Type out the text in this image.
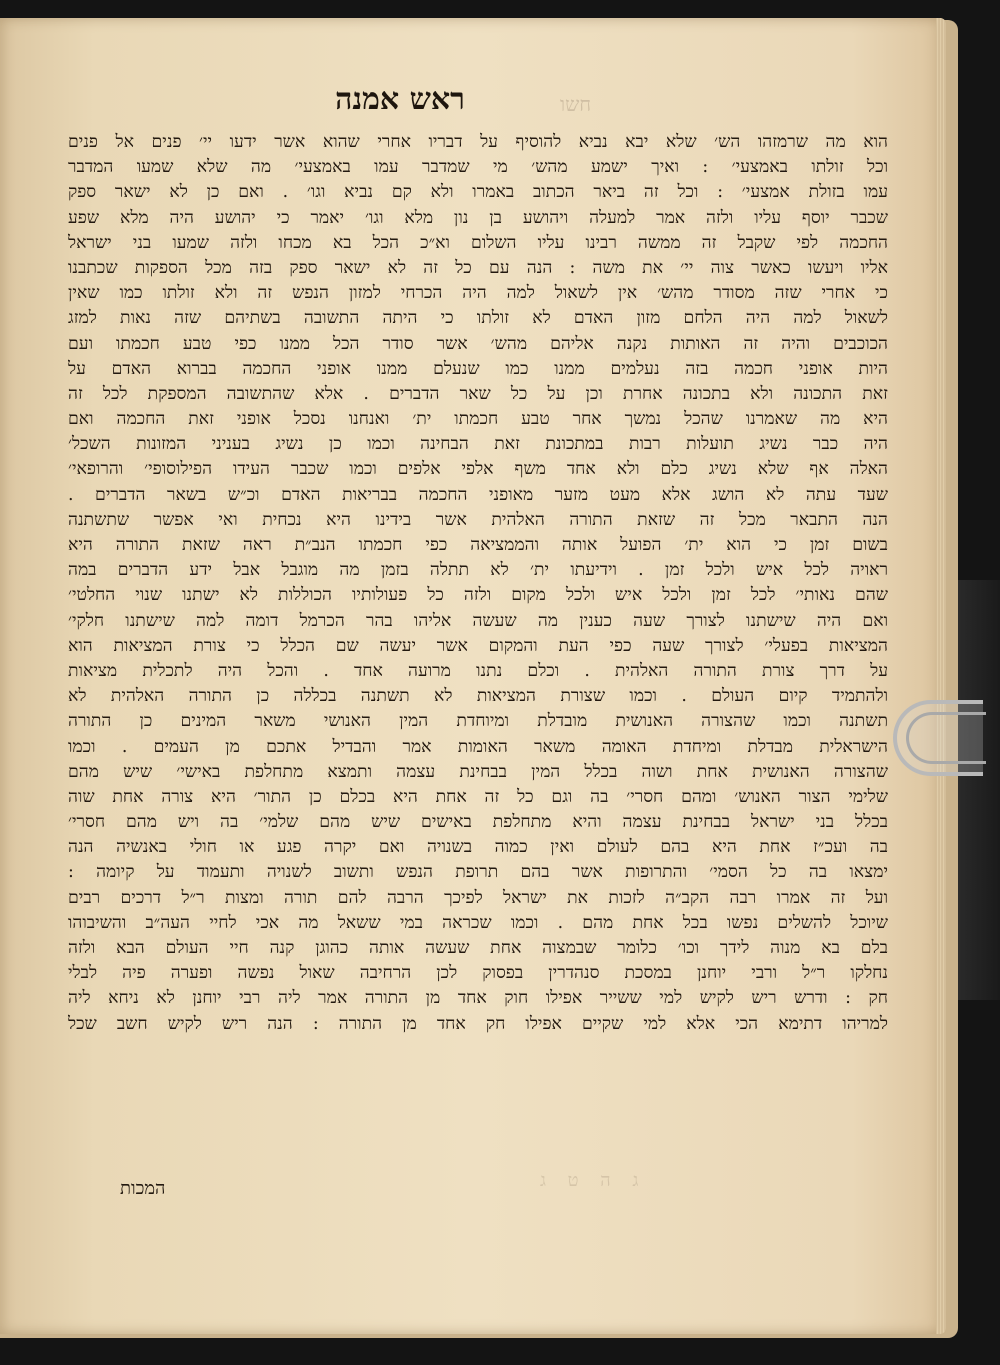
חשו
ראש אמנה
הוא מה שרמזהו הש׳ שלא יבא נביא להוסיף על דבריו אחרי שהוא אשר ידעו יי׳ פנים אל פנים
וכל זולתו באמצעי׳ : ואיך ישמע מהש׳ מי שמדבר עמו באמצעי׳ מה שלא שמעו המדבר
עמו בזולת אמצעי׳ : וכל זה ביאר הכתוב באמרו ולא קם נביא וגו׳ . ואם כן לא ישאר ספק
שכבר יוסף עליו ולזה אמר למעלה ויהושע בן נון מלא וגו׳ יאמר כי יהושע היה מלא שפע
החכמה לפי שקבל זה ממשה רבינו עליו השלום וא״כ הכל בא מכחו ולזה שמעו בני ישראל
אליו ויעשו כאשר צוה יי׳ את משה : הנה עם כל זה לא ישאר ספק בזה מכל הספקות שכתבנו
כי אחרי שזה מסודר מהש׳ אין לשאול למה היה הכרחי למזון הנפש זה ולא זולתו כמו שאין
לשאול למה היה הלחם מזון האדם לא זולתו כי היתה התשובה בשתיהם שזה נאות למזג
הכוכבים והיה זה האותות נקנה אליהם מהש׳ אשר סודר הכל ממנו כפי טבע חכמתו ועם
היות אופני חכמה בזה נעלמים ממנו כמו שנעלם ממנו אופני החכמה בברוא האדם על
זאת התכונה ולא בתכונה אחרת וכן על כל שאר הדברים . אלא שהתשובה המספקת לכל זה
היא מה שאמרנו שהכל נמשך אחר טבע חכמתו ית׳ ואנחנו נסכל אופני זאת החכמה ואם
היה כבר נשיג תועלות רבות במתכונת זאת הבחינה וכמו כן נשיג בעניני המזונות השכל׳
האלה אף שלא נשיג כלם ולא אחד משף אלפי אלפים וכמו שכבר העידו הפילוסופי׳ והרופאי׳
שעד עתה לא הושג אלא מעט מזער מאופני החכמה בבריאות האדם וכ״ש בשאר הדברים .
הנה התבאר מכל זה שזאת התורה האלהית אשר בידינו היא נכחית ואי אפשר שתשתנה
בשום זמן כי הוא ית׳ הפועל אותה והממציאה כפי חכמתו הנב״ת ראה שזאת התורה היא
ראויה לכל איש ולכל זמן . וידיעתו ית׳ לא תתלה בזמן מה מוגבל אבל ידע הדברים במה
שהם נאותי׳ לכל זמן ולכל איש ולכל מקום ולזה כל פעולותיו הכוללות לא ישתנו שנוי החלטי׳
ואם היה שישתנו לצורך שעה כענין מה שעשה אליהו בהר הכרמל דומה למה שישתנו חלקי׳
המציאות בפעלי׳ לצורך שעה כפי העת והמקום אשר יעשה שם הכלל כי צורת המציאות הוא
על דרך צורת התורה האלהית . וכלם נתנו מרועה אחד . והכל היה לתכלית מציאות
ולהתמיד קיום העולם . וכמו שצורת המציאות לא תשתנה בכללה כן התורה האלהית לא
תשתנה וכמו שהצורה האנושית מובדלת ומיוחדת המין האנושי משאר המינים כן התורה
הישראלית מבדלת ומיחדת האומה משאר האומות אמר והבדיל אתכם מן העמים . וכמו
שהצורה האנושית אחת ושוה בכלל המין בבחינת עצמה ותמצא מתחלפת באישי׳ שיש מהם
שלימי הצור האנוש׳ ומהם חסרי׳ בה וגם כל זה אחת היא בכלם כן התור׳ היא צורה אחת שוה
בכלל בני ישראל בבחינת עצמה והיא מתחלפת באישים שיש מהם שלמי׳ בה ויש מהם חסרי׳
בה ועכ״ז אחת היא בהם לעולם ואין כמוה בשנויה ואם יקרה פגע או חולי באנשיה הנה
ימצאו בה כל הסמי׳ והתרופות אשר בהם תרופת הנפש ותשוב לשנויה ותעמוד על קיומה :
ועל זה אמרו רבה הקב״ה לזכות את ישראל לפיכך הרבה להם תורה ומצות ר״ל דרכים רבים
שיוכל להשלים נפשו בכל אחת מהם . וכמו שכראה במי ששאל מה אכי לחיי העה״ב והשיבוהו
בלם בא מנוה לידך וכו׳ כלומר שבמצוה אחת שעשה אותה כהוגן קנה חיי העולם הבא ולזה
נחלקו ר״ל ורבי יוחנן במסכת סנהדרין בפסוק לכן הרחיבה שאול נפשה ופערה פיה לבלי
חק : ודרש ריש לקיש למי ששייר אפילו חוק אחד מן התורה אמר ליה רבי יוחנן לא ניחא ליה
למריהו דתימא הכי אלא למי שקיים אפילו חק אחד מן התורה : הנה ריש לקיש חשב שכל
ג ה ט ג
המכות
